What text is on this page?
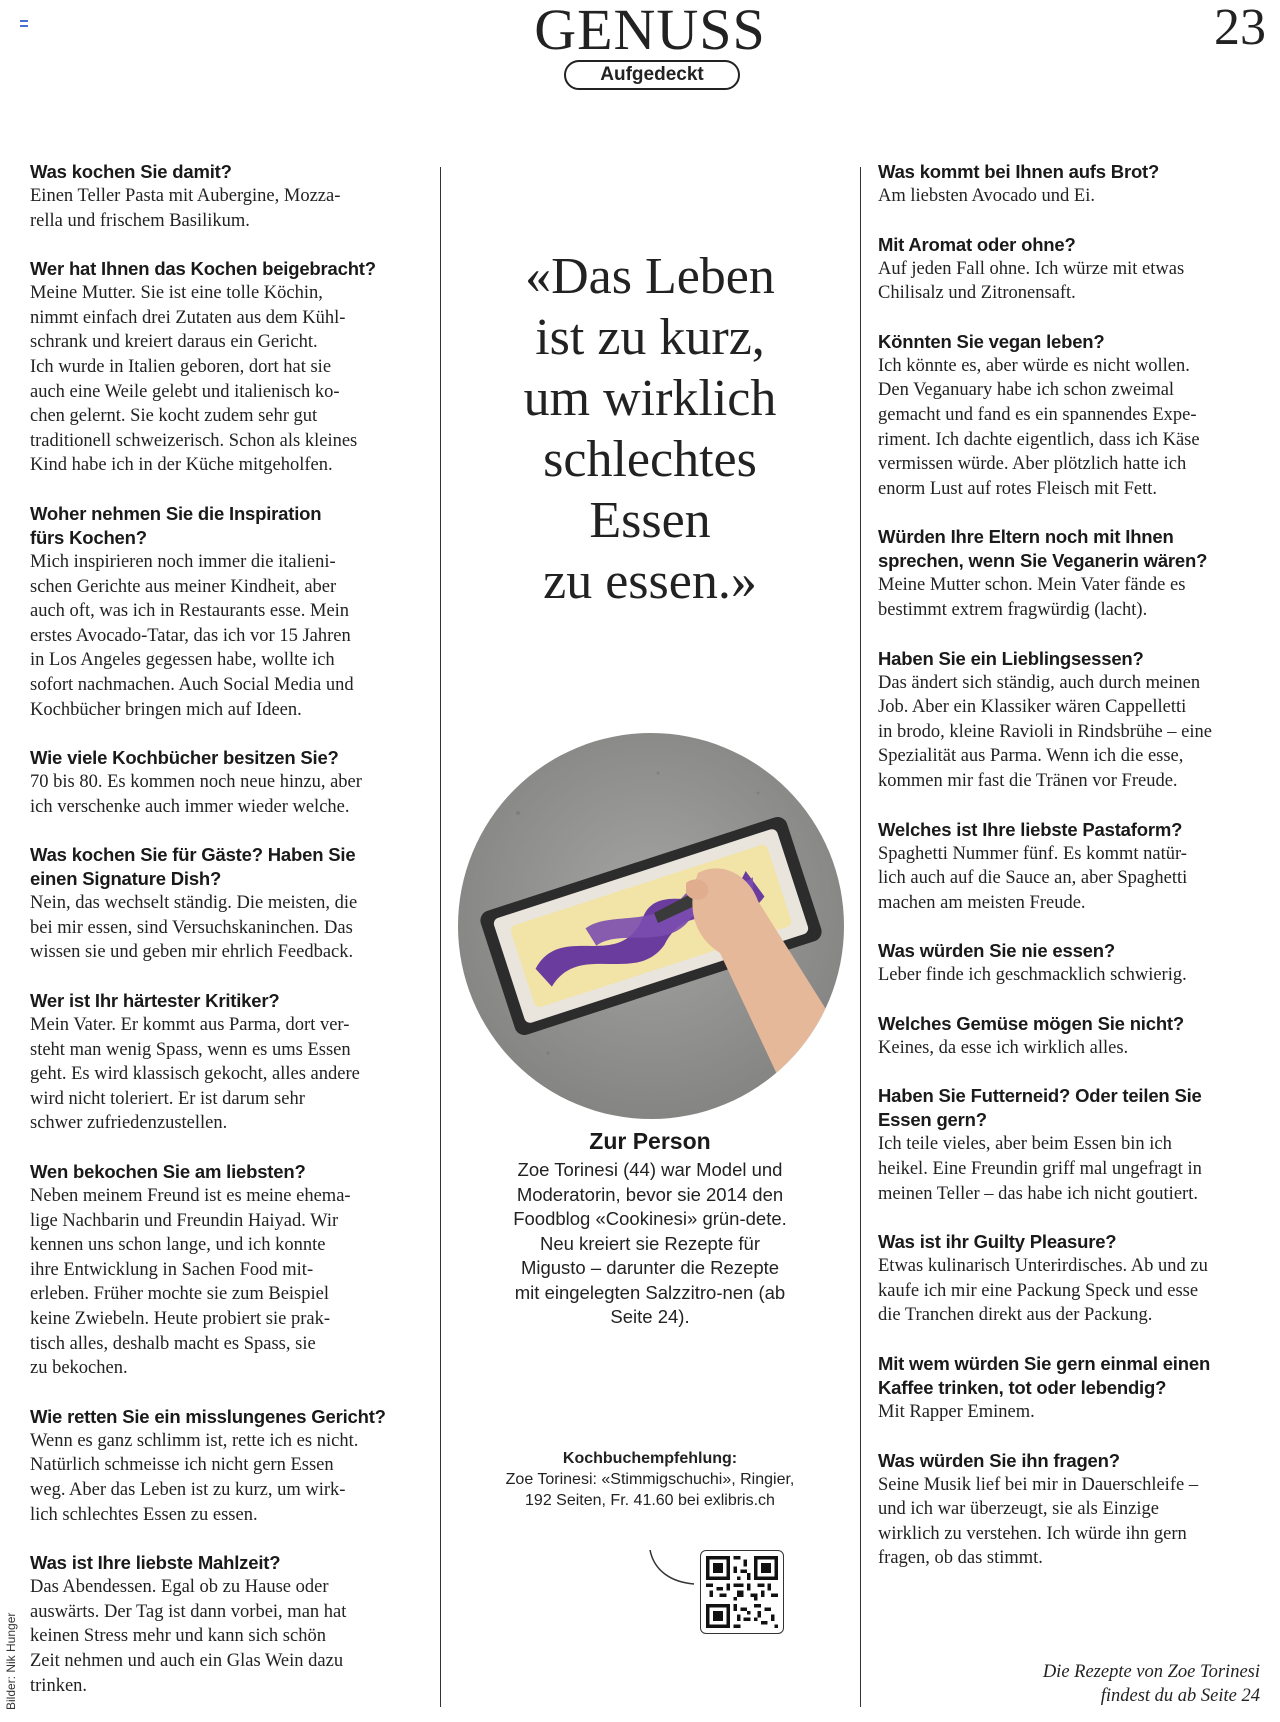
GENUSS
Aufgedeckt
23

Was kochen Sie damit?

Einen Teller Pasta mit Aubergine, Mozza-
rella und frischem Basilikum.

Wer hat Ihnen das Kochen beigebracht?

Meine Mutter. Sie ist eine tolle Köchin,
nimmt einfach drei Zutaten aus dem Kühl-
schrank und kreiert daraus ein Gericht.
Ich wurde in Italien geboren, dort hat sie
auch eine Weile gelebt und italienisch ko-
chen gelernt. Sie kocht zudem sehr gut
traditionell schweizerisch. Schon als kleines
Kind habe ich in der Küche mitgeholfen.

Woher nehmen Sie die Inspiration
fürs Kochen?

Mich inspirieren noch immer die italieni-
schen Gerichte aus meiner Kindheit, aber
auch oft, was ich in Restaurants esse. Mein
erstes Avocado-Tatar, das ich vor 15 Jahren
in Los Angeles gegessen habe, wollte ich
sofort nachmachen. Auch Social Media und
Kochbücher bringen mich auf Ideen.

Wie viele Kochbücher besitzen Sie?

70 bis 80. Es kommen noch neue hinzu, aber
ich verschenke auch immer wieder welche.

Was kochen Sie für Gäste? Haben Sie
einen Signature Dish?

Nein, das wechselt ständig. Die meisten, die
bei mir essen, sind Versuchskaninchen. Das
wissen sie und geben mir ehrlich Feedback.

Wer ist Ihr härtester Kritiker?

Mein Vater. Er kommt aus Parma, dort ver-
steht man wenig Spass, wenn es ums Essen
geht. Es wird klassisch gekocht, alles andere
wird nicht toleriert. Er ist darum sehr
schwer zufriedenzustellen.

Wen bekochen Sie am liebsten?

Neben meinem Freund ist es meine ehema-
lige Nachbarin und Freundin Haiyad. Wir
kennen uns schon lange, und ich konnte
ihre Entwicklung in Sachen Food mit-
erleben. Früher mochte sie zum Beispiel
keine Zwiebeln. Heute probiert sie prak-
tisch alles, deshalb macht es Spass, sie
zu bekochen.

Wie retten Sie ein misslungenes Gericht?

Wenn es ganz schlimm ist, rette ich es nicht.
Natürlich schmeisse ich nicht gern Essen
weg. Aber das Leben ist zu kurz, um wirk-
lich schlechtes Essen zu essen.

Was ist Ihre liebste Mahlzeit?

Das Abendessen. Egal ob zu Hause oder
auswärts. Der Tag ist dann vorbei, man hat
keinen Stress mehr und kann sich schön
Zeit nehmen und auch ein Glas Wein dazu
trinken.

«Das Leben
ist zu kurz,
um wirklich
schlechtes
Essen
zu essen.»

Zur Person

Zoe Torinesi (44) war Model und Moderatorin, bevor sie 2014 den Foodblog «Cookinesi» grün-dete. Neu kreiert sie Rezepte für Migusto – darunter die Rezepte mit eingelegten Salzzitro-nen (ab Seite 24).

Kochbuchempfehlung:

Zoe Torinesi: «Stimmigschuchi», Ringier, 192 Seiten, Fr. 41.60 bei exlibris.ch

Was kommt bei Ihnen aufs Brot?

Am liebsten Avocado und Ei.

Mit Aromat oder ohne?

Auf jeden Fall ohne. Ich würze mit etwas
Chilisalz und Zitronensaft.

Könnten Sie vegan leben?

Ich könnte es, aber würde es nicht wollen.
Den Veganuary habe ich schon zweimal
gemacht und fand es ein spannendes Expe-
riment. Ich dachte eigentlich, dass ich Käse
vermissen würde. Aber plötzlich hatte ich
enorm Lust auf rotes Fleisch mit Fett.

Würden Ihre Eltern noch mit Ihnen
sprechen, wenn Sie Veganerin wären?

Meine Mutter schon. Mein Vater fände es
bestimmt extrem fragwürdig (lacht).

Haben Sie ein Lieblingsessen?

Das ändert sich ständig, auch durch meinen
Job. Aber ein Klassiker wären Cappelletti
in brodo, kleine Ravioli in Rindsbrühe – eine
Spezialität aus Parma. Wenn ich die esse,
kommen mir fast die Tränen vor Freude.

Welches ist Ihre liebste Pastaform?

Spaghetti Nummer fünf. Es kommt natür-
lich auch auf die Sauce an, aber Spaghetti
machen am meisten Freude.

Was würden Sie nie essen?

Leber finde ich geschmacklich schwierig.

Welches Gemüse mögen Sie nicht?

Keines, da esse ich wirklich alles.

Haben Sie Futterneid? Oder teilen Sie
Essen gern?

Ich teile vieles, aber beim Essen bin ich
heikel. Eine Freundin griff mal ungefragt in
meinen Teller – das habe ich nicht goutiert.

Was ist ihr Guilty Pleasure?

Etwas kulinarisch Unterirdisches. Ab und zu
kaufe ich mir eine Packung Speck und esse
die Tranchen direkt aus der Packung.

Mit wem würden Sie gern einmal einen
Kaffee trinken, tot oder lebendig?

Mit Rapper Eminem.

Was würden Sie ihn fragen?

Seine Musik lief bei mir in Dauerschleife –
und ich war überzeugt, sie als Einzige
wirklich zu verstehen. Ich würde ihn gern
fragen, ob das stimmt.

Bilder: Nik Hunger	Die Rezepte von Zoe Torinesi
findest du ab Seite 24
